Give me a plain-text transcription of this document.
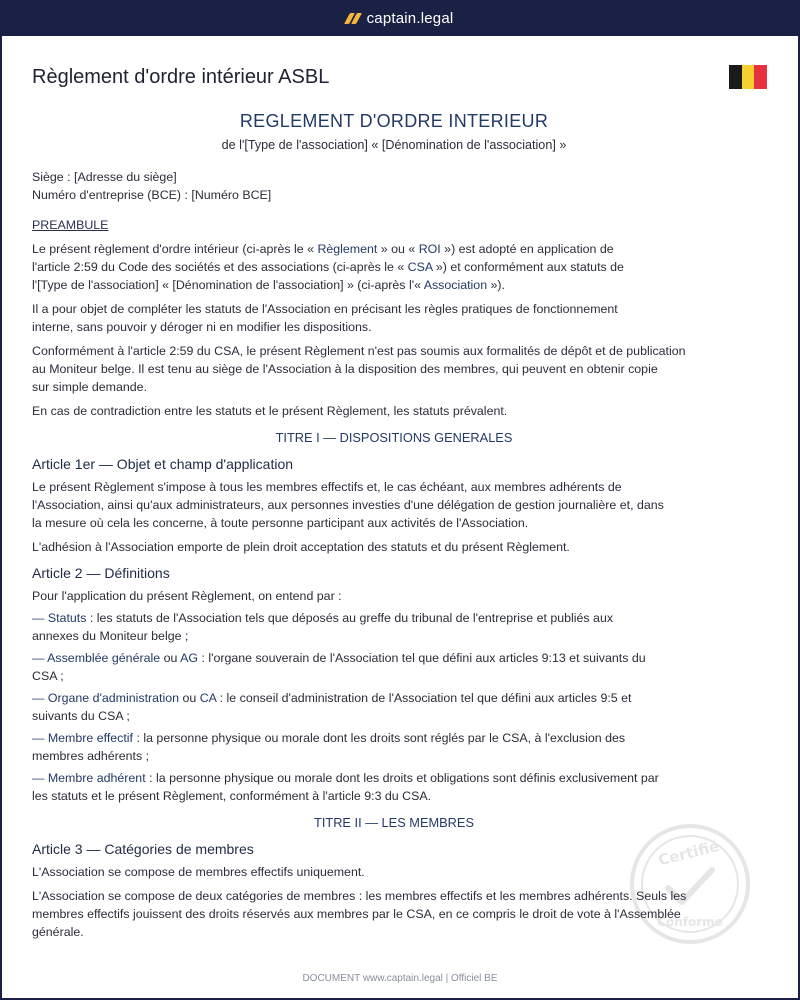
captain.legal
Règlement d'ordre intérieur ASBL
REGLEMENT D'ORDRE INTERIEUR
de l'[Type de l'association] « [Dénomination de l'association] »
Siège : [Adresse du siège]
Numéro d'entreprise (BCE) : [Numéro BCE]
PREAMBULE
Le présent règlement d'ordre intérieur (ci-après le « Règlement » ou « ROI ») est adopté en application de
l'article 2:59 du Code des sociétés et des associations (ci-après le « CSA ») et conformément aux statuts de
l'[Type de l'association] « [Dénomination de l'association] » (ci-après l'« Association »).
Il a pour objet de compléter les statuts de l'Association en précisant les règles pratiques de fonctionnement
interne, sans pouvoir y déroger ni en modifier les dispositions.
Conformément à l'article 2:59 du CSA, le présent Règlement n'est pas soumis aux formalités de dépôt et de publication
au Moniteur belge. Il est tenu au siège de l'Association à la disposition des membres, qui peuvent en obtenir copie
sur simple demande.
En cas de contradiction entre les statuts et le présent Règlement, les statuts prévalent.
TITRE I — DISPOSITIONS GENERALES
Article 1er — Objet et champ d'application
Le présent Règlement s'impose à tous les membres effectifs et, le cas échéant, aux membres adhérents de
l'Association, ainsi qu'aux administrateurs, aux personnes investies d'une délégation de gestion journalière et, dans
la mesure où cela les concerne, à toute personne participant aux activités de l'Association.
L'adhésion à l'Association emporte de plein droit acceptation des statuts et du présent Règlement.
Article 2 — Définitions
Pour l'application du présent Règlement, on entend par :
— Statuts : les statuts de l'Association tels que déposés au greffe du tribunal de l'entreprise et publiés aux
annexes du Moniteur belge ;
— Assemblée générale ou AG : l'organe souverain de l'Association tel que défini aux articles 9:13 et suivants du
CSA ;
— Organe d'administration ou CA : le conseil d'administration de l'Association tel que défini aux articles 9:5 et
suivants du CSA ;
— Membre effectif : la personne physique ou morale dont les droits sont réglés par le CSA, à l'exclusion des
membres adhérents ;
— Membre adhérent : la personne physique ou morale dont les droits et obligations sont définis exclusivement par
les statuts et le présent Règlement, conformément à l'article 9:3 du CSA.
TITRE II — LES MEMBRES
Article 3 — Catégories de membres
L'Association se compose de membres effectifs uniquement.
L'Association se compose de deux catégories de membres : les membres effectifs et les membres adhérents. Seuls les
membres effectifs jouissent des droits réservés aux membres par le CSA, en ce compris le droit de vote à l'Assemblée
générale.
Certifié
Conforme
DOCUMENT www.captain.legal | Officiel BE
